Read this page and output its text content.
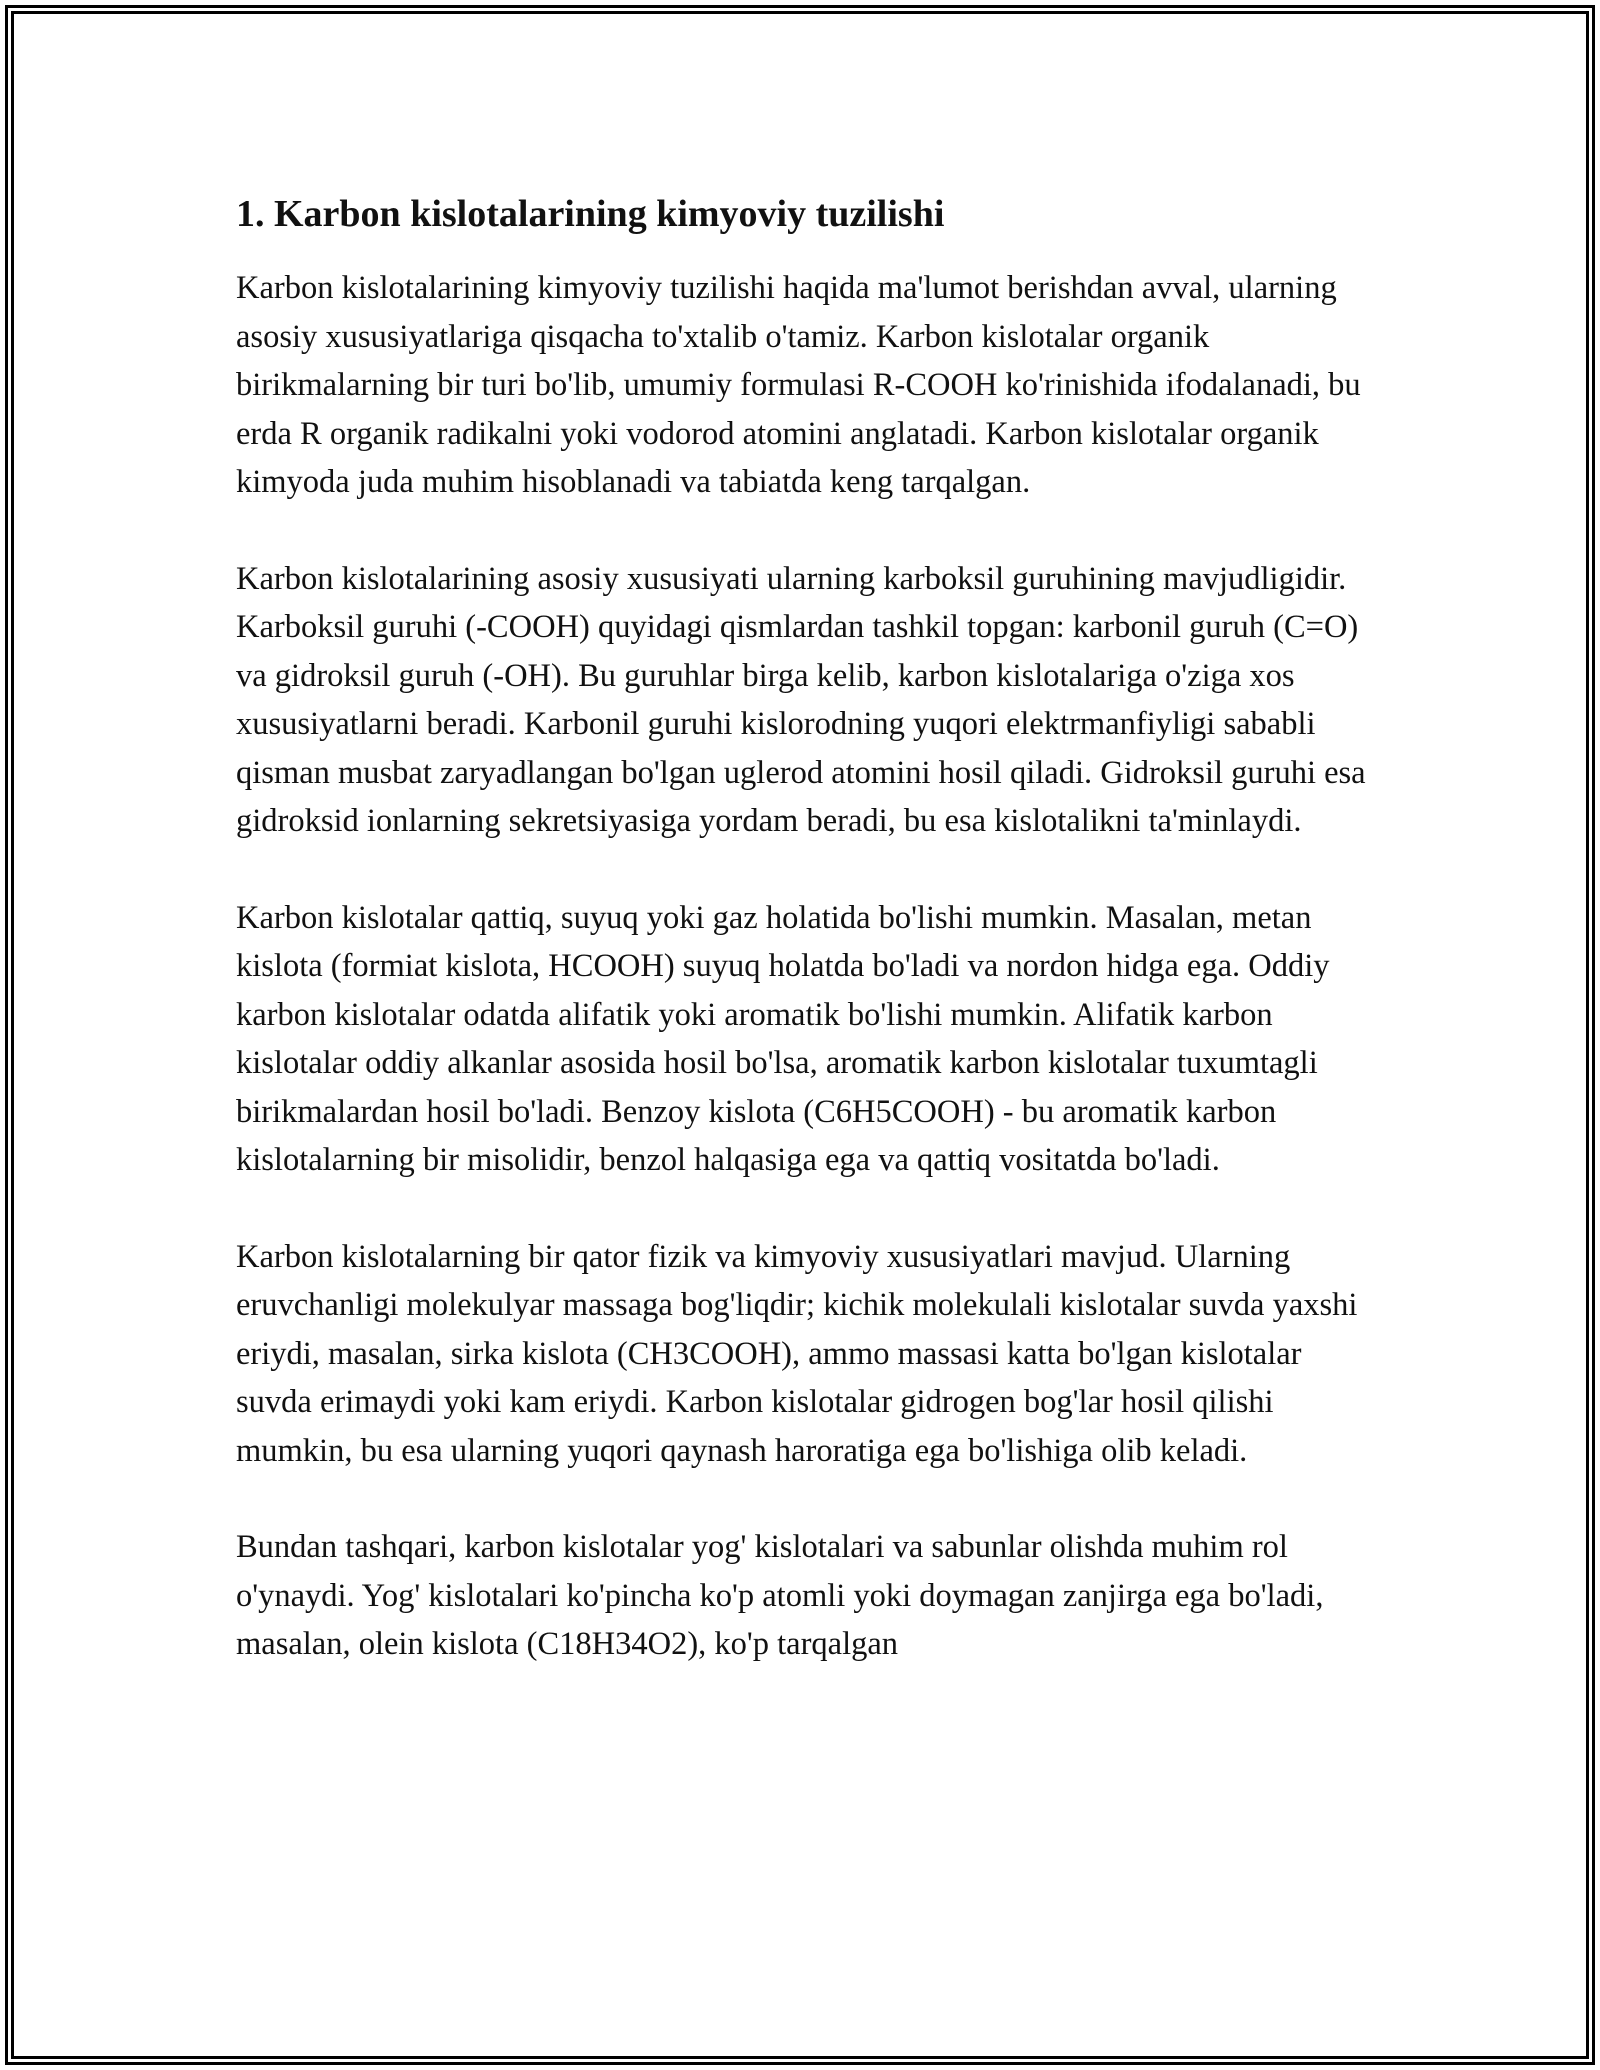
1. Karbon kislotalarining kimyoviy tuzilishi

Karbon kislotalarining kimyoviy tuzilishi haqida ma'lumot berishdan avval, ularning asosiy xususiyatlariga qisqacha to'xtalib o'tamiz. Karbon kislotalar organik birikmalarning bir turi bo'lib, umumiy formulasi R-COOH ko'rinishida ifodalanadi, bu erda R organik radikalni yoki vodorod atomini anglatadi. Karbon kislotalar organik kimyoda juda muhim hisoblanadi va tabiatda keng tarqalgan.

Karbon kislotalarining asosiy xususiyati ularning karboksil guruhining mavjudligidir. Karboksil guruhi (-COOH) quyidagi qismlardan tashkil topgan: karbonil guruh (C=O) va gidroksil guruh (-OH). Bu guruhlar birga kelib, karbon kislotalariga o'ziga xos xususiyatlarni beradi. Karbonil guruhi kislorodning yuqori elektrmanfiyligi sababli qisman musbat zaryadlangan bo'lgan uglerod atomini hosil qiladi. Gidroksil guruhi esa gidroksid ionlarning sekretsiyasiga yordam beradi, bu esa kislotalikni ta'minlaydi.

Karbon kislotalar qattiq, suyuq yoki gaz holatida bo'lishi mumkin. Masalan, metan kislota (formiat kislota, HCOOH) suyuq holatda bo'ladi va nordon hidga ega. Oddiy karbon kislotalar odatda alifatik yoki aromatik bo'lishi mumkin. Alifatik karbon kislotalar oddiy alkanlar asosida hosil bo'lsa, aromatik karbon kislotalar tuxumtagli birikmalardan hosil bo'ladi. Benzoy kislota (C6H5COOH) - bu aromatik karbon kislotalarning bir misolidir, benzol halqasiga ega va qattiq vositatda bo'ladi.

Karbon kislotalarning bir qator fizik va kimyoviy xususiyatlari mavjud. Ularning eruvchanligi molekulyar massaga bog'liqdir; kichik molekulali kislotalar suvda yaxshi eriydi, masalan, sirka kislota (CH3COOH), ammo massasi katta bo'lgan kislotalar suvda erimaydi yoki kam eriydi. Karbon kislotalar gidrogen bog'lar hosil qilishi mumkin, bu esa ularning yuqori qaynash haroratiga ega bo'lishiga olib keladi.

Bundan tashqari, karbon kislotalar yog' kislotalari va sabunlar olishda muhim rol o'ynaydi. Yog' kislotalari ko'pincha ko'p atomli yoki doymagan zanjirga ega bo'ladi, masalan, olein kislota (C18H34O2), ko'p tarqalgan
